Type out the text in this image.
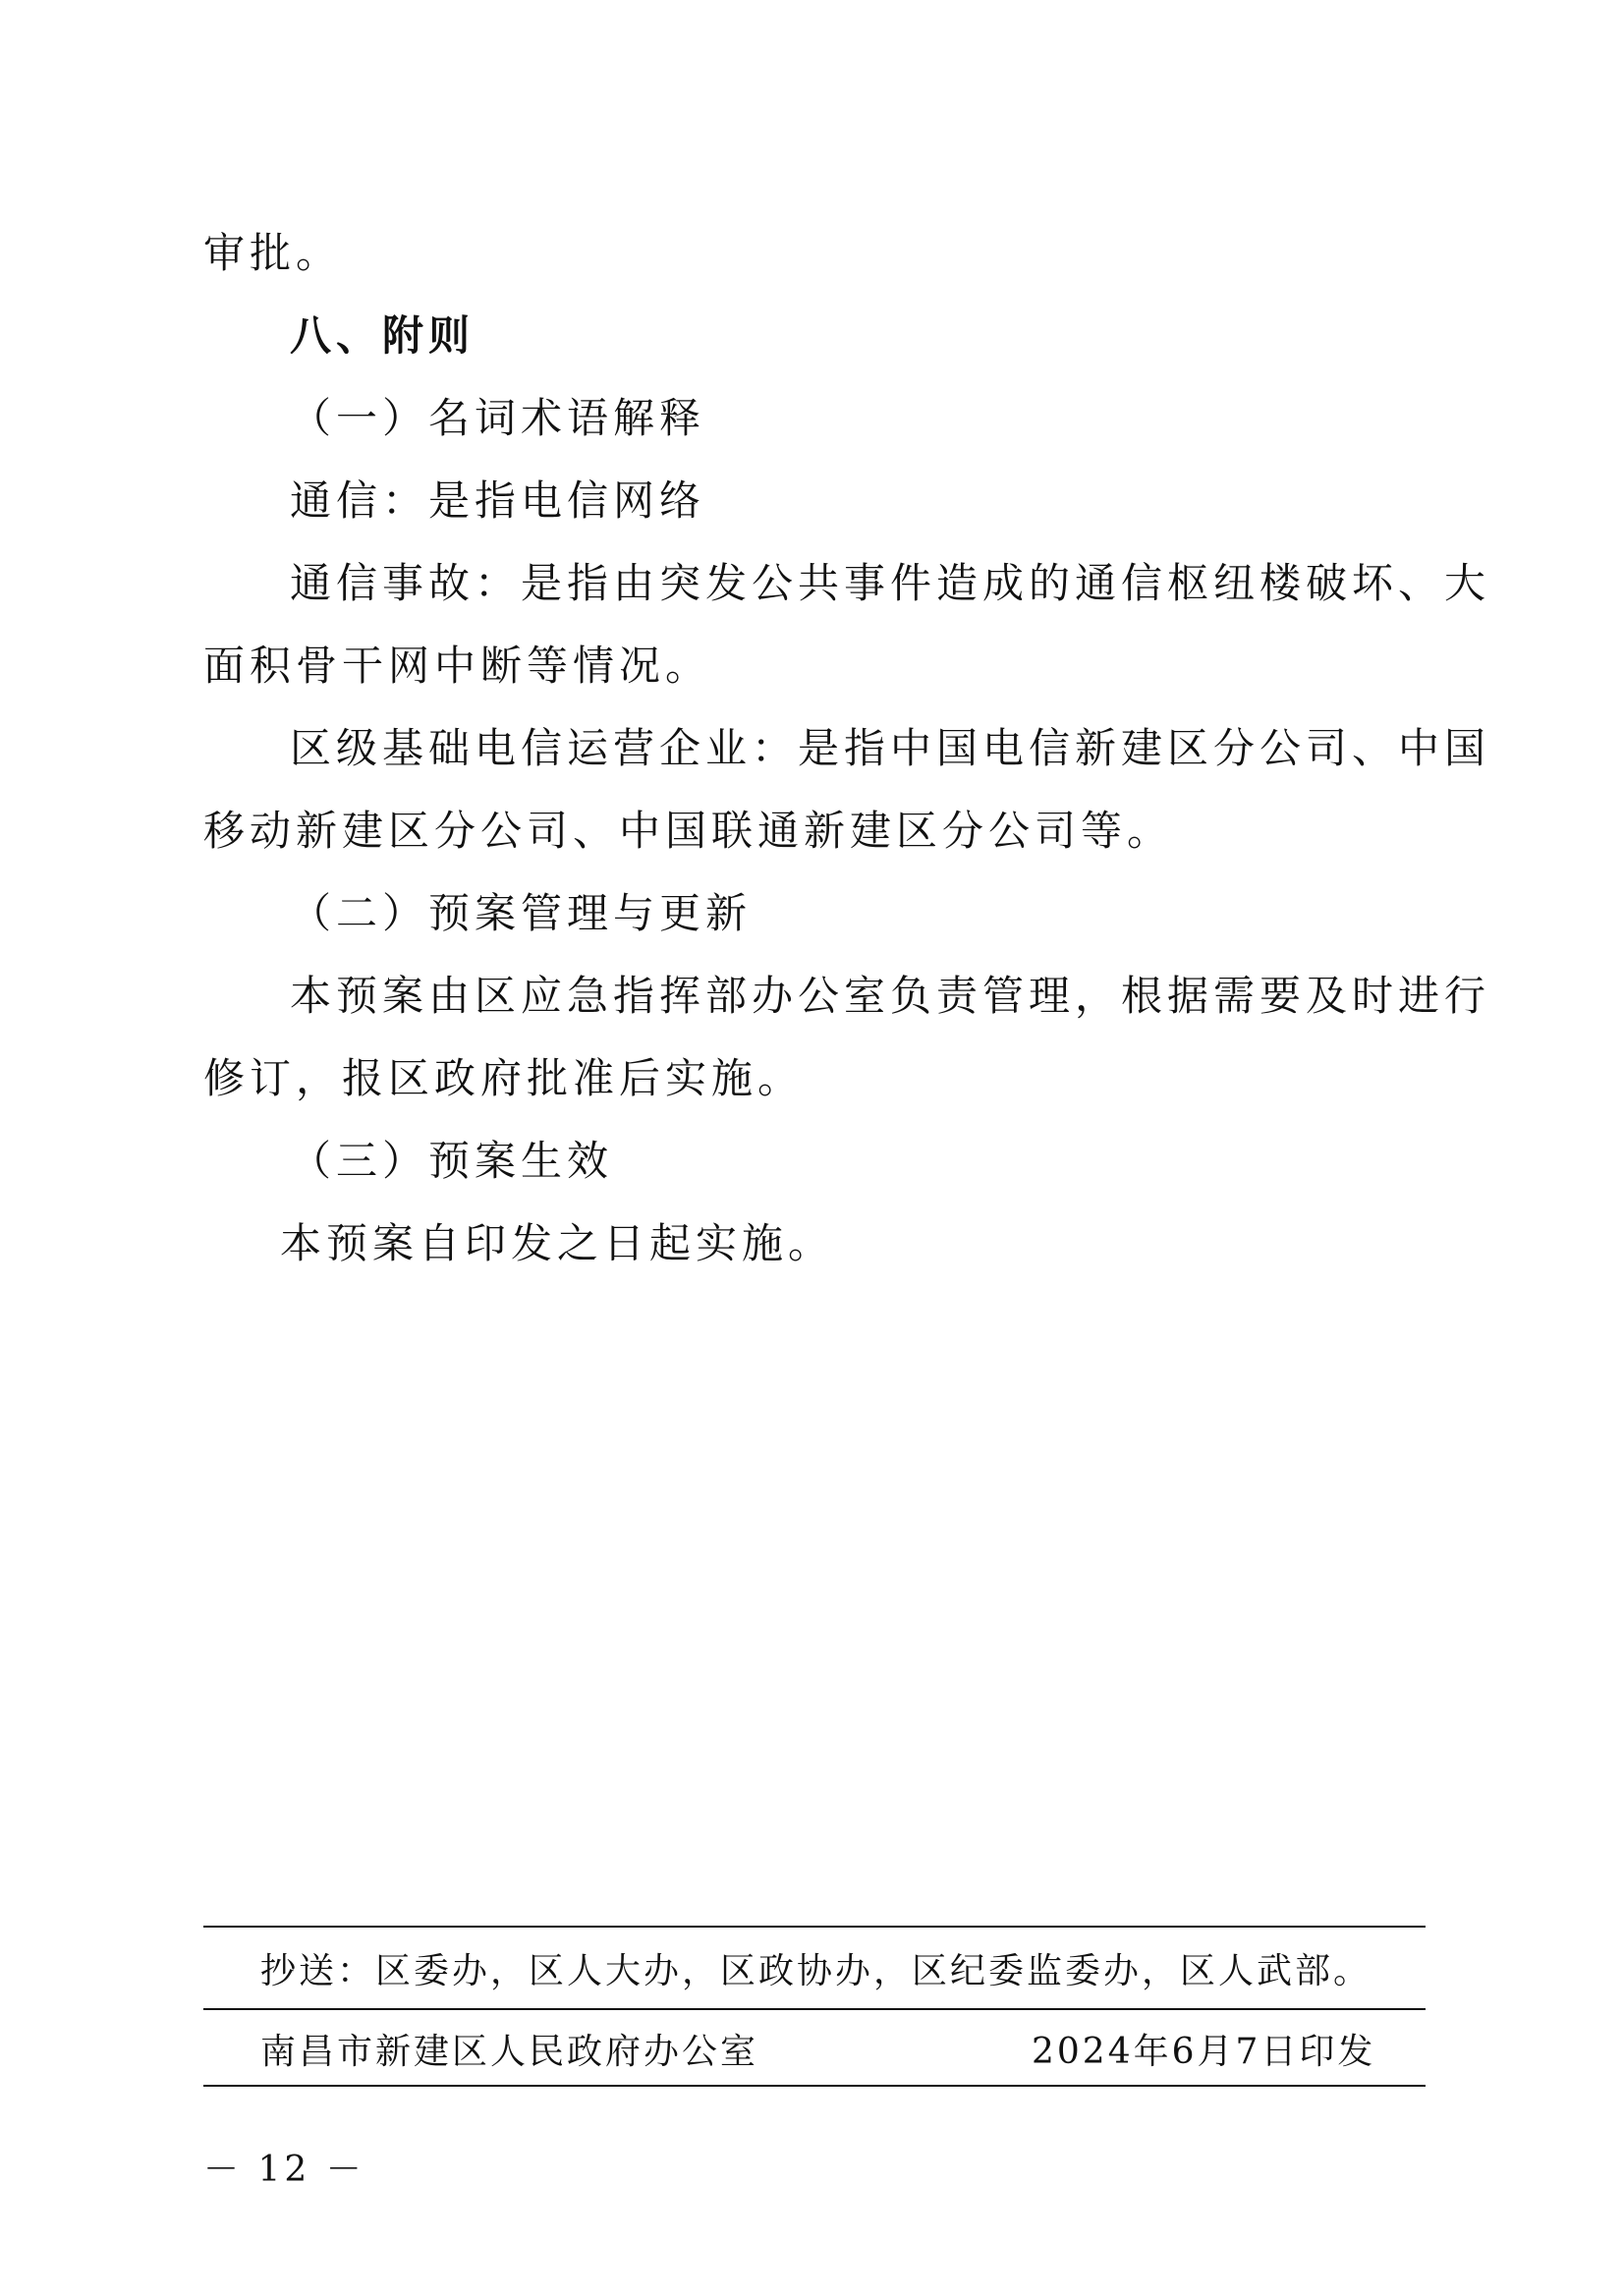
审批。
八、附则
（一）名词术语解释
通信：是指电信网络
通信事故：是指由突发公共事件造成的通信枢纽楼破坏、大
面积骨干网中断等情况。
区级基础电信运营企业：是指中国电信新建区分公司、中国
移动新建区分公司、中国联通新建区分公司等。
（二）预案管理与更新
本预案由区应急指挥部办公室负责管理，根据需要及时进行
修订，报区政府批准后实施。
（三）预案生效
本预案自印发之日起实施。
抄送：区委办，区人大办，区政协办，区纪委监委办，区人武部。
南昌市新建区人民政府办公室	2024年6月7日印发
－ 12 －
